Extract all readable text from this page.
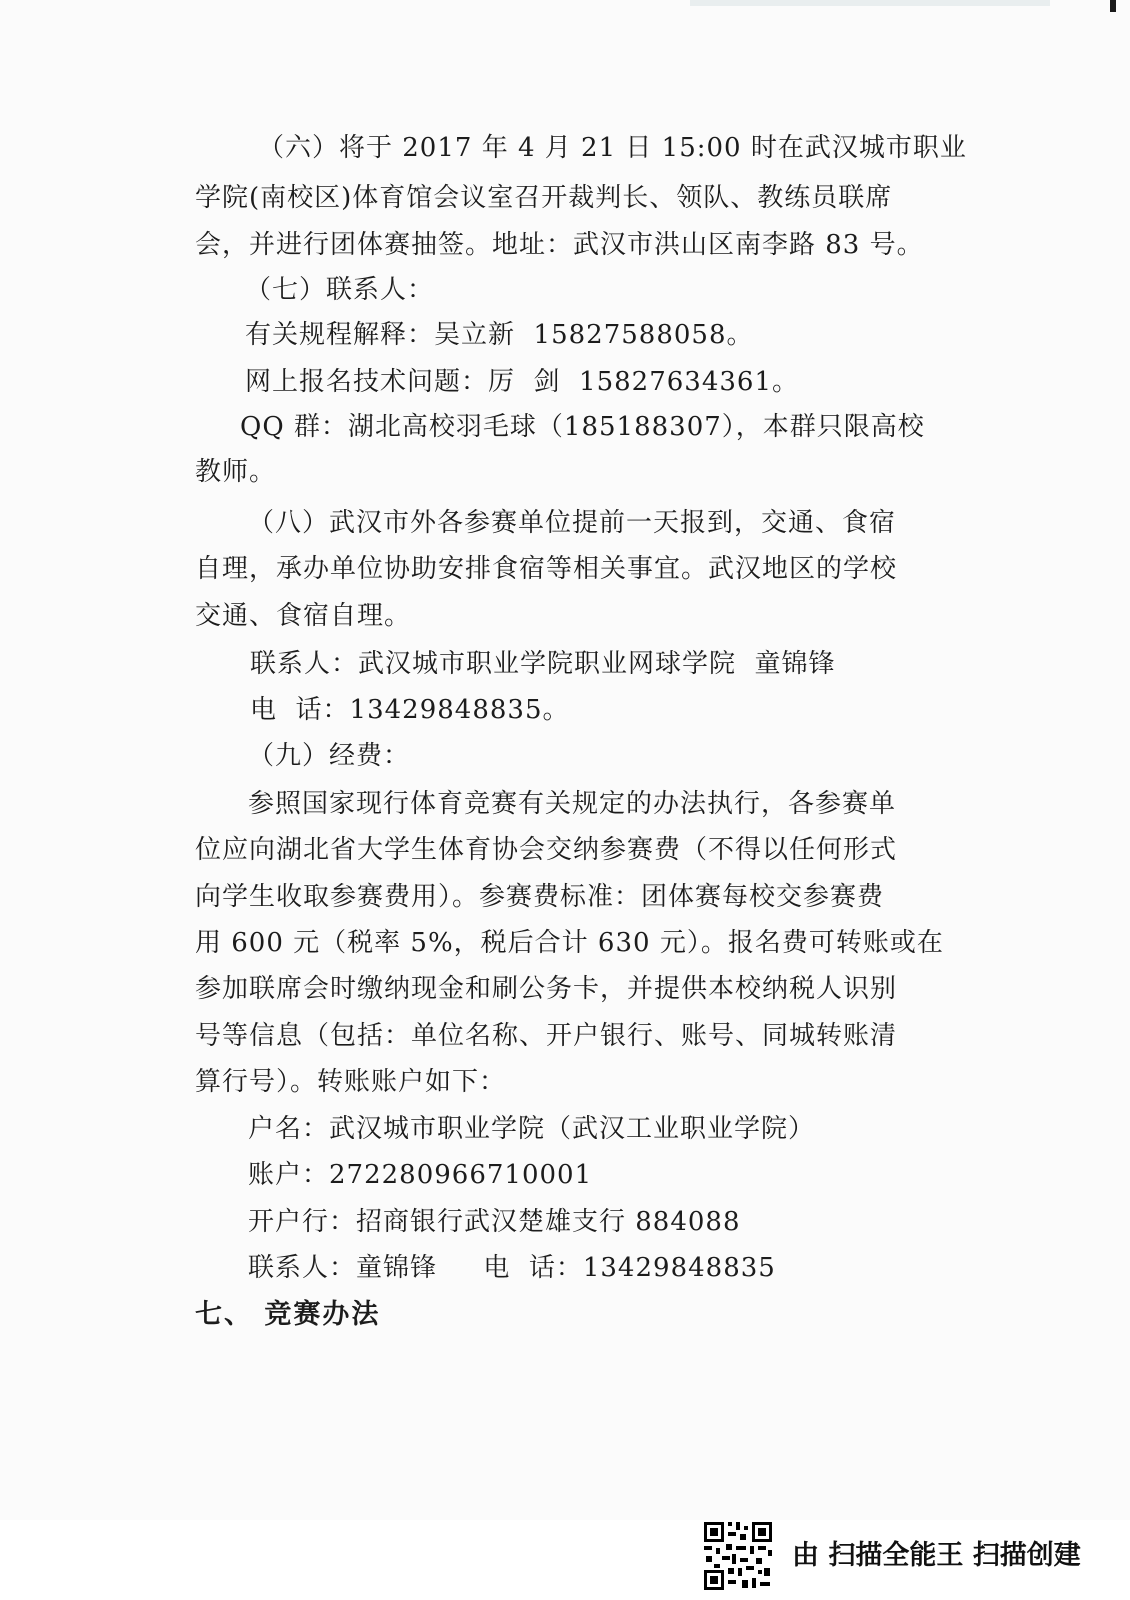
（六）将于 2017 年 4 月 21 日 15:00 时在武汉城市职业
学院(南校区)体育馆会议室召开裁判长、领队、教练员联席
会，并进行团体赛抽签。地址：武汉市洪山区南李路 83 号。
（七）联系人：
有关规程解释：吴立新  15827588058。
网上报名技术问题：厉  剑  15827634361。
QQ 群：湖北高校羽毛球（185188307），本群只限高校
教师。
（八）武汉市外各参赛单位提前一天报到，交通、食宿
自理，承办单位协助安排食宿等相关事宜。武汉地区的学校
交通、食宿自理。
联系人：武汉城市职业学院职业网球学院  童锦锋
电  话：13429848835。
（九）经费：
参照国家现行体育竞赛有关规定的办法执行，各参赛单
位应向湖北省大学生体育协会交纳参赛费（不得以任何形式
向学生收取参赛费用）。参赛费标准：团体赛每校交参赛费
用 600 元（税率 5%，税后合计 630 元）。报名费可转账或在
参加联席会时缴纳现金和刷公务卡，并提供本校纳税人识别
号等信息（包括：单位名称、开户银行、账号、同城转账清
算行号）。转账账户如下：
户名：武汉城市职业学院（武汉工业职业学院）
账户：272280966710001
开户行：招商银行武汉楚雄支行 884088
联系人：童锦锋     电  话：13429848835
七、 竞赛办法
由 扫描全能王 扫描创建
